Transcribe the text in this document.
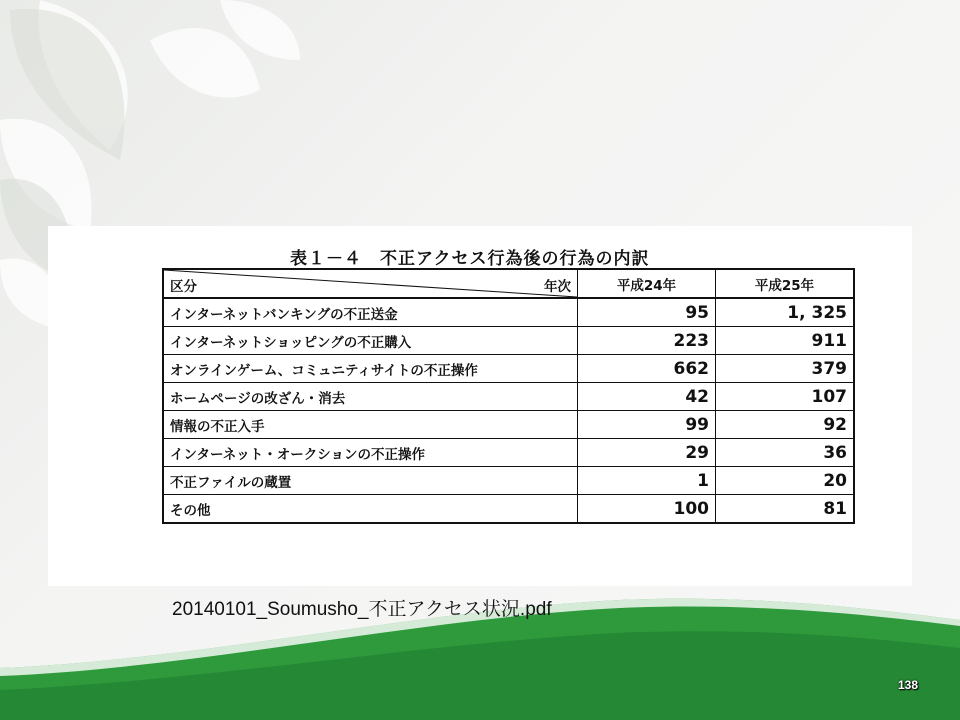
表１－４　不正アクセス行為後の行為の内訳
区分 年次	平成24年	平成25年
インターネットバンキングの不正送金	95	1, 325
インターネットショッピングの不正購入	223	911
オンラインゲーム、コミュニティサイトの不正操作	662	379
ホームページの改ざん・消去	42	107
情報の不正入手	99	92
インターネット・オークションの不正操作	29	36
不正ファイルの蔵置	1	20
その他	100	81
20140101_Soumusho_不正アクセス状況.pdf
138
